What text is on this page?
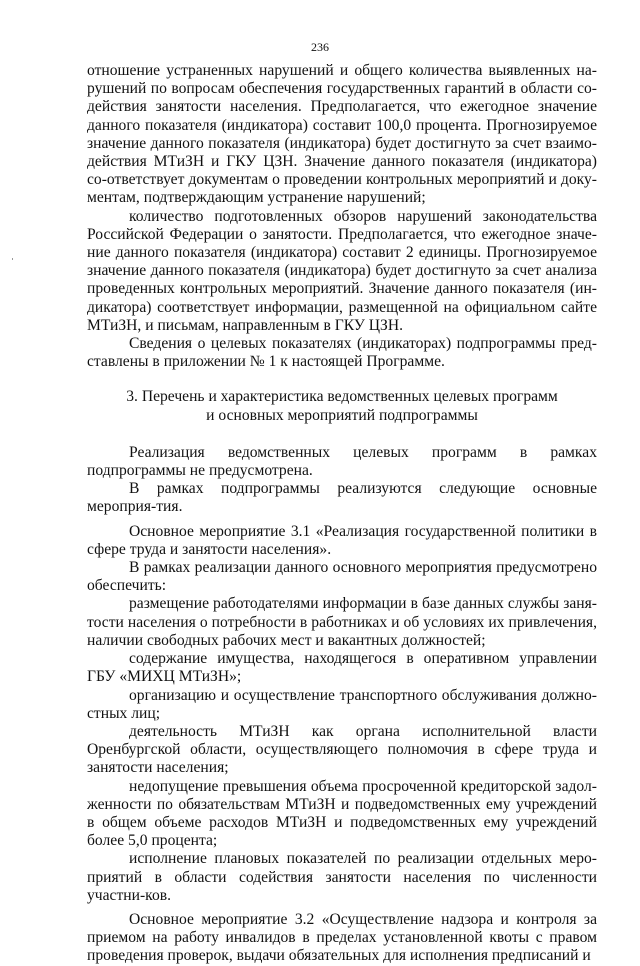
236

отношение устраненных нарушений и общего количества выявленных на-рушений по вопросам обеспечения государственных гарантий в области со-действия занятости населения. Предполагается, что ежегодное значение данного показателя (индикатора) составит 100,0 процента. Прогнозируемое значение данного показателя (индикатора) будет достигнуто за счет взаимо-действия МТиЗН и ГКУ ЦЗН. Значение данного показателя (индикатора) со-ответствует документам о проведении контрольных мероприятий и доку-ментам, подтверждающим устранение нарушений;

количество подготовленных обзоров нарушений законодательства Российской Федерации о занятости. Предполагается, что ежегодное значе-ние данного показателя (индикатора) составит 2 единицы. Прогнозируемое значение данного показателя (индикатора) будет достигнуто за счет анализа проведенных контрольных мероприятий. Значение данного показателя (ин-дикатора) соответствует информации, размещенной на официальном сайте МТиЗН, и письмам, направленным в ГКУ ЦЗН.

Сведения о целевых показателях (индикаторах) подпрограммы пред-ставлены в приложении № 1 к настоящей Программе.

3. Перечень и характеристика ведомственных целевых программ
и основных мероприятий подпрограммы

Реализация ведомственных целевых программ в рамках подпрограммы не предусмотрена.

В рамках подпрограммы реализуются следующие основные мероприя-тия.

Основное мероприятие 3.1 «Реализация государственной политики в сфере труда и занятости населения».

В рамках реализации данного основного мероприятия предусмотрено обеспечить:

размещение работодателями информации в базе данных службы заня-тости населения о потребности в работниках и об условиях их привлечения, наличии свободных рабочих мест и вакантных должностей;

содержание имущества, находящегося в оперативном управлении ГБУ «МИХЦ МТиЗН»;

организацию и осуществление транспортного обслуживания должно-стных лиц;

деятельность МТиЗН как органа исполнительной власти Оренбургской области, осуществляющего полномочия в сфере труда и занятости населения;

недопущение превышения объема просроченной кредиторской задол-женности по обязательствам МТиЗН и подведомственных ему учреждений в общем объеме расходов МТиЗН и подведомственных ему учреждений более 5,0 процента;

исполнение плановых показателей по реализации отдельных мерo-приятий в области содействия занятости населения по численности участни-ков.

Основное мероприятие 3.2 «Осуществление надзора и контроля за приемом на работу инвалидов в пределах установленной квоты с правом проведения проверок, выдачи обязательных для исполнения предписаний и
